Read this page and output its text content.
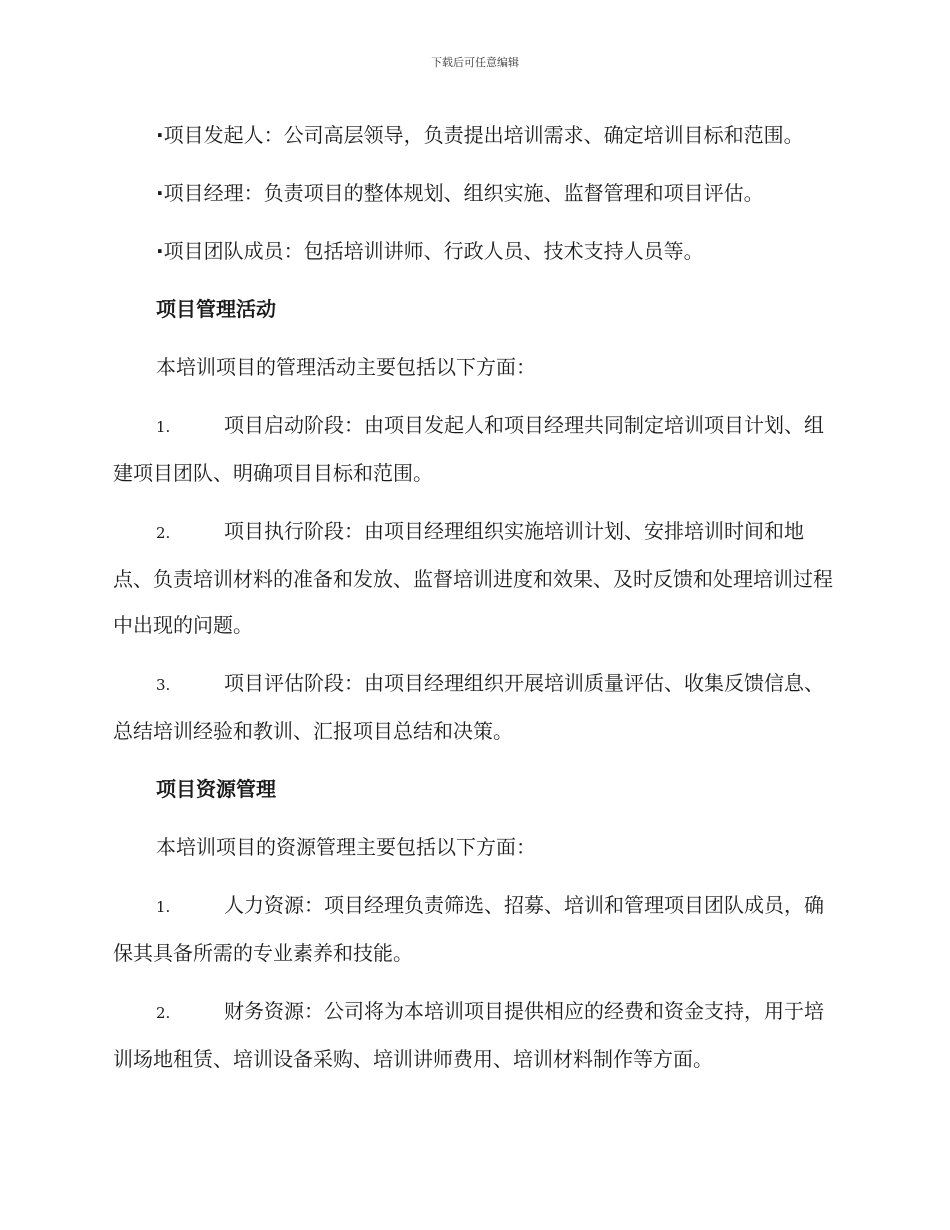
下载后可任意编辑

·项目发起人：公司高层领导，负责提出培训需求、确定培训目标和范围。

·项目经理：负责项目的整体规划、组织实施、监督管理和项目评估。

·项目团队成员：包括培训讲师、行政人员、技术支持人员等。

项目管理活动

本培训项目的管理活动主要包括以下方面：

1.	项目启动阶段：由项目发起人和项目经理共同制定培训项目计划、组建项目团队、明确项目目标和范围。

2.	项目执行阶段：由项目经理组织实施培训计划、安排培训时间和地点、负责培训材料的准备和发放、监督培训进度和效果、及时反馈和处理培训过程中出现的问题。

3.	项目评估阶段：由项目经理组织开展培训质量评估、收集反馈信息、总结培训经验和教训、汇报项目总结和决策。

项目资源管理

本培训项目的资源管理主要包括以下方面：

1.	人力资源：项目经理负责筛选、招募、培训和管理项目团队成员，确保其具备所需的专业素养和技能。

2.	财务资源：公司将为本培训项目提供相应的经费和资金支持，用于培训场地租赁、培训设备采购、培训讲师费用、培训材料制作等方面。
